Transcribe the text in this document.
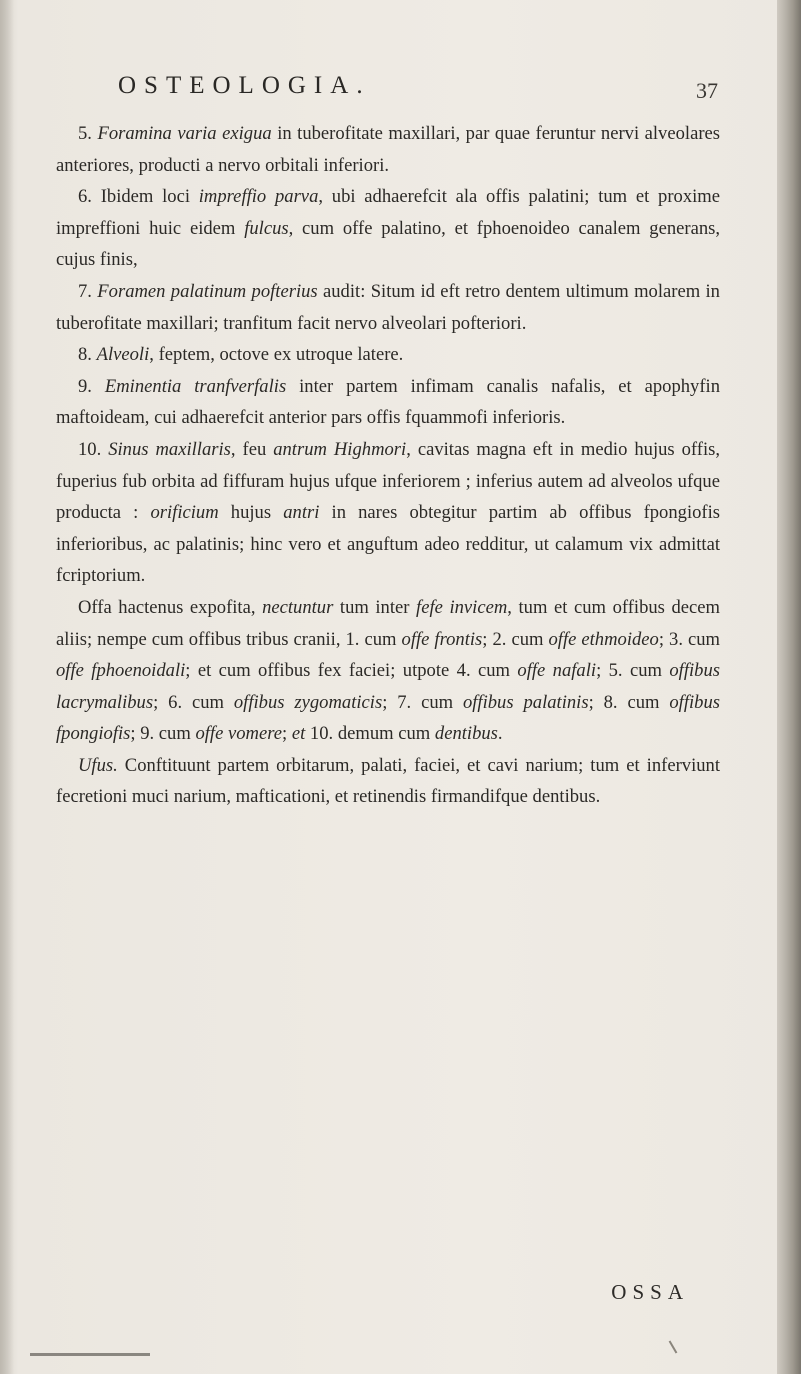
OSTEOLOGIA.	37

5. Foramina varia exigua in tuberofitate maxillari, par quae feruntur nervi alveolares anteriores, producti a nervo orbitali inferiori.

6. Ibidem loci impreffio parva, ubi adhaerefcit ala offis palatini; tum et proxime impreffioni huic eidem fulcus, cum offe palatino, et fphoenoideo canalem generans, cujus finis,

7. Foramen palatinum pofterius audit: Situm id eft retro dentem ultimum molarem in tuberofitate maxillari; tranfitum facit nervo alveolari pofteriori.

8. Alveoli, feptem, octove ex utroque latere.

9. Eminentia tranfverfalis inter partem infimam canalis nafalis, et apophyfin maftoideam, cui adhaerefcit anterior pars offis fquammofi inferioris.

10. Sinus maxillaris, feu antrum Highmori, cavitas magna eft in medio hujus offis, fuperius fub orbita ad fiffuram hujus ufque inferiorem ; inferius autem ad alveolos ufque producta : orificium hujus antri in nares obtegitur partim ab offibus fpongiofis inferioribus, ac palatinis; hinc vero et anguftum adeo redditur, ut calamum vix admittat fcriptorium.

Offa hactenus expofita, nectuntur tum inter fefe invicem, tum et cum offibus decem aliis; nempe cum offibus tribus cranii, 1. cum offe frontis; 2. cum offe ethmoideo; 3. cum offe fphoenoidali; et cum offibus fex faciei; utpote 4. cum offe nafali; 5. cum offibus lacrymalibus; 6. cum offibus zygomaticis; 7. cum offibus palatinis; 8. cum offibus fpongiofis; 9. cum offe vomere; et 10. demum cum dentibus.

Ufus. Conftituunt partem orbitarum, palati, faciei, et cavi narium; tum et inferviunt fecretioni muci narium, mafticationi, et retinendis firmandifque dentibus.

OSSA
